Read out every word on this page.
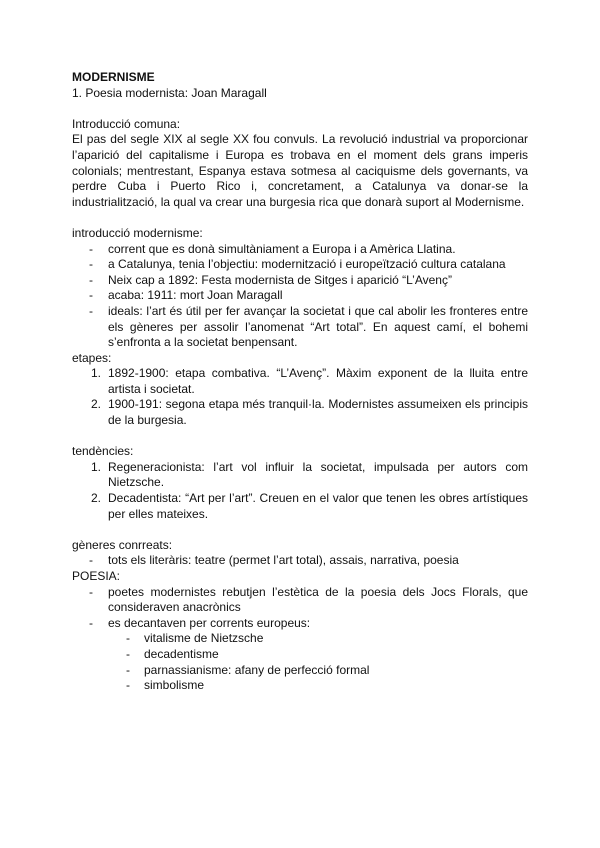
MODERNISME
1. Poesia modernista: Joan Maragall
Introducció comuna:
El pas del segle XIX al segle XX fou convuls. La revolució industrial va proporcionar l’aparició del capitalisme i Europa es trobava en el moment dels grans imperis colonials; mentrestant, Espanya estava sotmesa al caciquisme dels governants, va perdre Cuba i Puerto Rico i, concretament, a Catalunya va donar-se la industrialització, la qual va crear una burgesia rica que donarà suport al Modernisme.
introducció modernisme:
- corrent que es donà simultàniament a Europa i a Amèrica Llatina.
- a Catalunya, tenia l’objectiu: modernització i europeïtzació cultura catalana
- Neix cap a 1892: Festa modernista de Sitges i aparició “L’Avenç”
- acaba: 1911: mort Joan Maragall
- ideals: l’art és útil per fer avançar la societat i que cal abolir les fronteres entre els gèneres per assolir l’anomenat “Art total”. En aquest camí, el bohemi s’enfronta a la societat benpensant.
etapes:
1. 1892-1900: etapa combativa. “L’Avenç”. Màxim exponent de la lluita entre artista i societat.
2. 1900-191: segona etapa més tranquil·la. Modernistes assumeixen els principis de la burgesia.
tendències:
1. Regeneracionista: l’art vol influir la societat, impulsada per autors com Nietzsche.
2. Decadentista: “Art per l’art”. Creuen en el valor que tenen les obres artístiques per elles mateixes.
gèneres conrreats:
- tots els literàris: teatre (permet l’art total), assais, narrativa, poesia
POESIA:
- poetes modernistes rebutjen l’estètica de la poesia dels Jocs Florals, que consideraven anacrònics
- es decantaven per corrents europeus:
- vitalisme de Nietzsche
- decadentisme
- parnassianisme: afany de perfecció formal
- simbolisme
